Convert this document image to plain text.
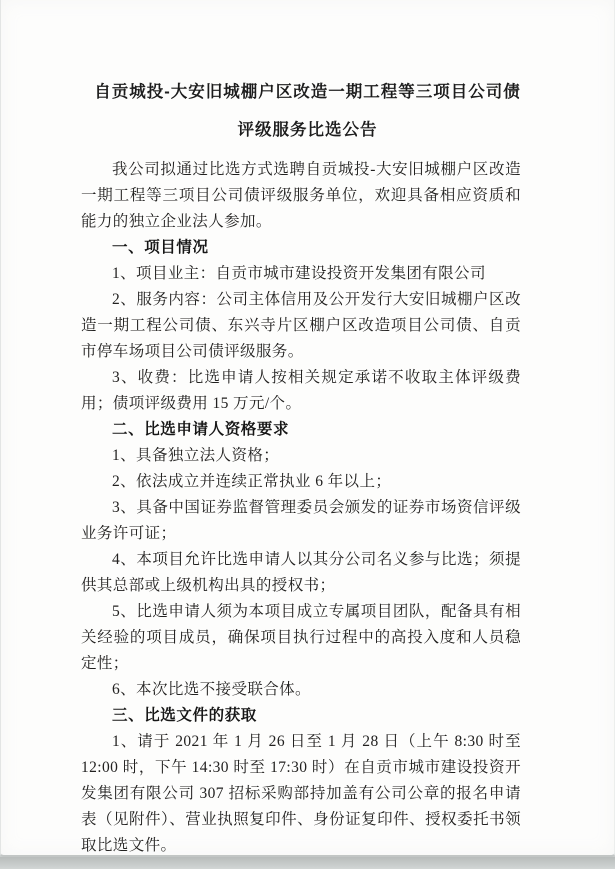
自贡城投-大安旧城棚户区改造一期工程等三项目公司债
评级服务比选公告

我公司拟通过比选方式选聘自贡城投-大安旧城棚户区改造一期工程等三项目公司债评级服务单位，欢迎具备相应资质和能力的独立企业法人参加。

一、项目情况

1、项目业主：自贡市城市建设投资开发集团有限公司

2、服务内容：公司主体信用及公开发行大安旧城棚户区改造一期工程公司债、东兴寺片区棚户区改造项目公司债、自贡市停车场项目公司债评级服务。

3、收费：比选申请人按相关规定承诺不收取主体评级费用；债项评级费用 15 万元/个。

二、比选申请人资格要求

1、具备独立法人资格；

2、依法成立并连续正常执业 6 年以上；

3、具备中国证券监督管理委员会颁发的证券市场资信评级业务许可证；

4、本项目允许比选申请人以其分公司名义参与比选；须提供其总部或上级机构出具的授权书；

5、比选申请人须为本项目成立专属项目团队，配备具有相关经验的项目成员，确保项目执行过程中的高投入度和人员稳定性；

6、本次比选不接受联合体。

三、比选文件的获取

1、请于 2021 年 1 月 26 日至 1 月 28 日（上午 8:30 时至 12:00 时，下午 14:30 时至 17:30 时）在自贡市城市建设投资开发集团有限公司 307 招标采购部持加盖有公司公章的报名申请表（见附件）、营业执照复印件、身份证复印件、授权委托书领取比选文件。
